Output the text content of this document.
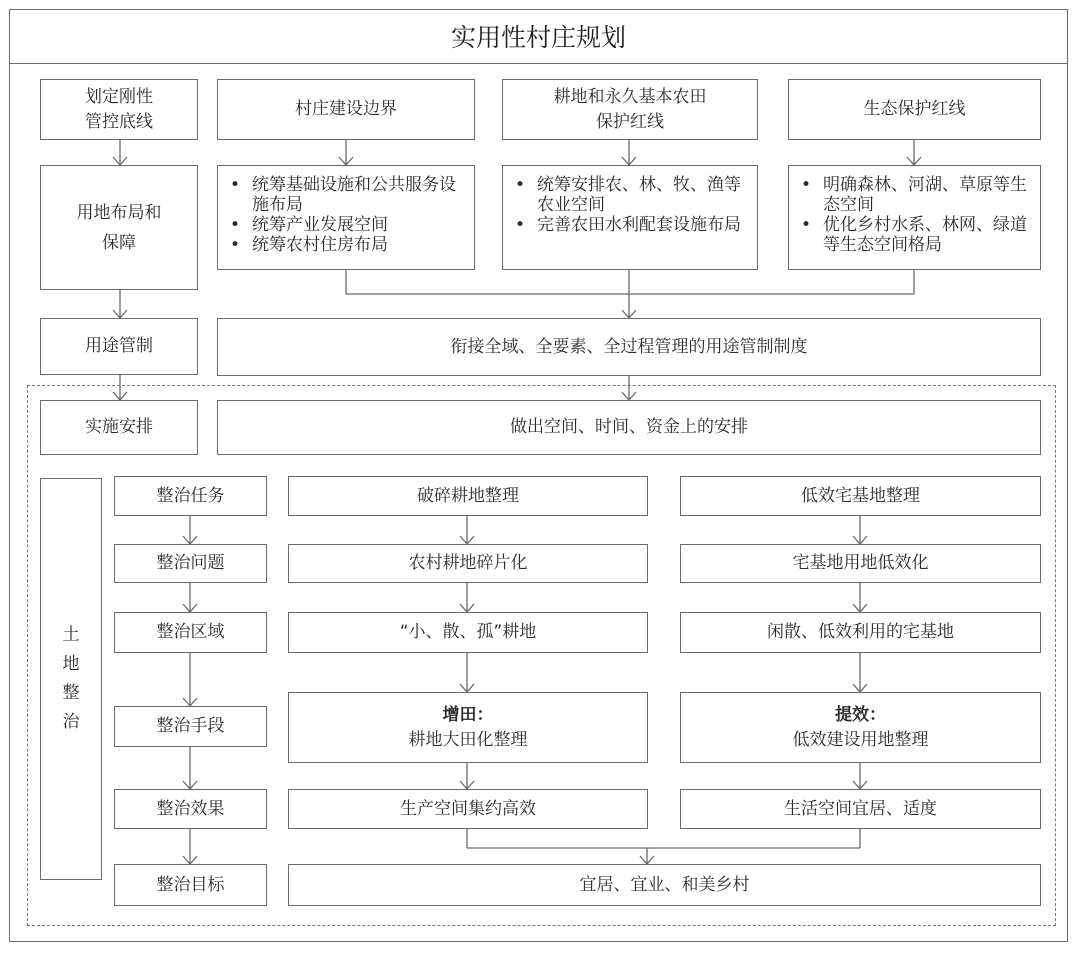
实用性村庄规划
划定刚性
管控底线
用地布局和
保障
用途管制
村庄建设边界
耕地和永久基本农田
保护红线
生态保护红线
• 统筹基础设施和公共服务设施布局
• 统筹产业发展空间
• 统筹农村住房布局
• 统筹安排农、林、牧、渔等农业空间
• 完善农田水利配套设施布局
• 明确森林、河湖、草原等生态空间
• 优化乡村水系、林网、绿道等生态空间格局
衔接全域、全要素、全过程管理的用途管制制度
实施安排	做出空间、时间、资金上的安排
土
地
整
治
整治任务
整治问题
整治区域
整治手段
整治效果
整治目标
破碎耕地整理
农村耕地碎片化
“小、散、孤”耕地
增田：
耕地大田化整理
生产空间集约高效
低效宅基地整理
宅基地用地低效化
闲散、低效利用的宅基地
提效：
低效建设用地整理
生活空间宜居、适度
宜居、宜业、和美乡村
